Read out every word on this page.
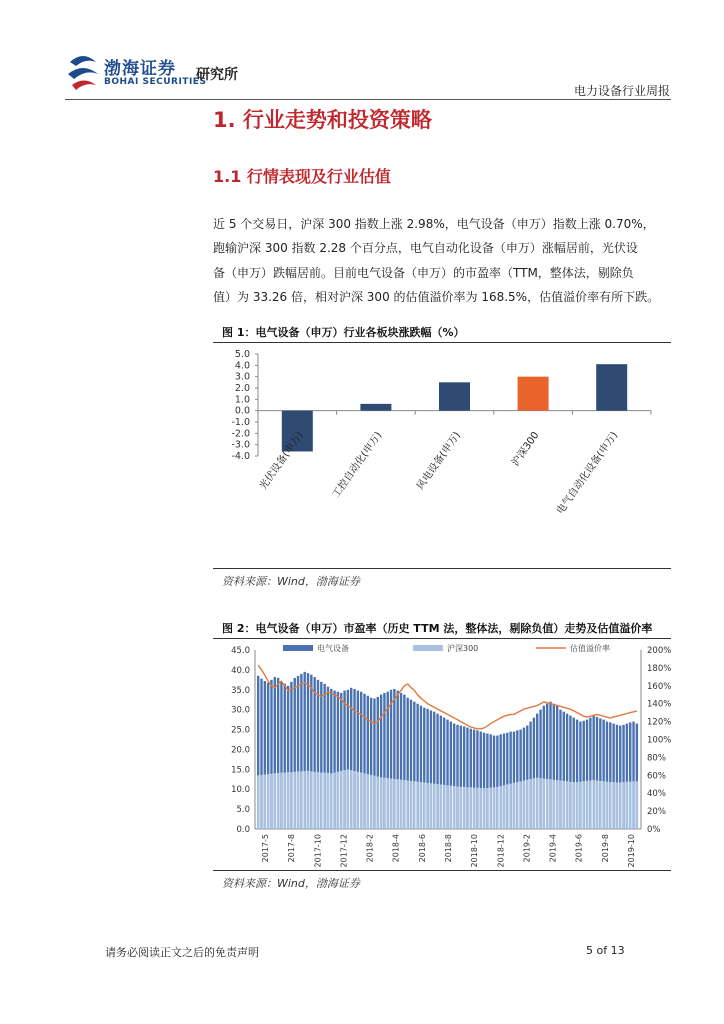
渤海证券
BOHAI SECURITIES
研究所
电力设备行业周报
1. 行业走势和投资策略
1.1 行情表现及行业估值
近 5 个交易日，沪深 300 指数上涨 2.98%，电气设备（申万）指数上涨 0.70%，
跑输沪深 300 指数 2.28 个百分点，电气自动化设备（申万）涨幅居前，光伏设
备（申万）跌幅居前。目前电气设备（申万）的市盈率（TTM，整体法，剔除负
值）为 33.26 倍，相对沪深 300 的估值溢价率为 168.5%，估值溢价率有所下跌。
图 1：电气设备（申万）行业各板块涨跌幅（%）
-4.0
-3.0
-2.0
-1.0
0.0
1.0
2.0
3.0
4.0
5.0
光伏设备(申万) 工控自动化(申万)	风电设备(申万)	沪深300 电气自动化设备(申万)
资料来源：Wind，渤海证券
图 2：电气设备（申万）市盈率（历史 TTM 法，整体法，剔除负值）走势及估值溢价率
0.0
5.0
10.0
15.0
20.0
25.0
30.0
35.0
40.0
45.0
0%
20%
40%
60%
80%
100%
120%
140%
160%
180%
200%
电气设备	沪深300	估值溢价率
2017-5 2017-8 2017-10 2017-12 2018-2 2018-4 2018-6 2018-8 2018-10 2018-12 2019-2 2019-4 2019-6 2019-8 2019-10
资料来源：Wind，渤海证券
请务必阅读正文之后的免责声明	5 of 13
